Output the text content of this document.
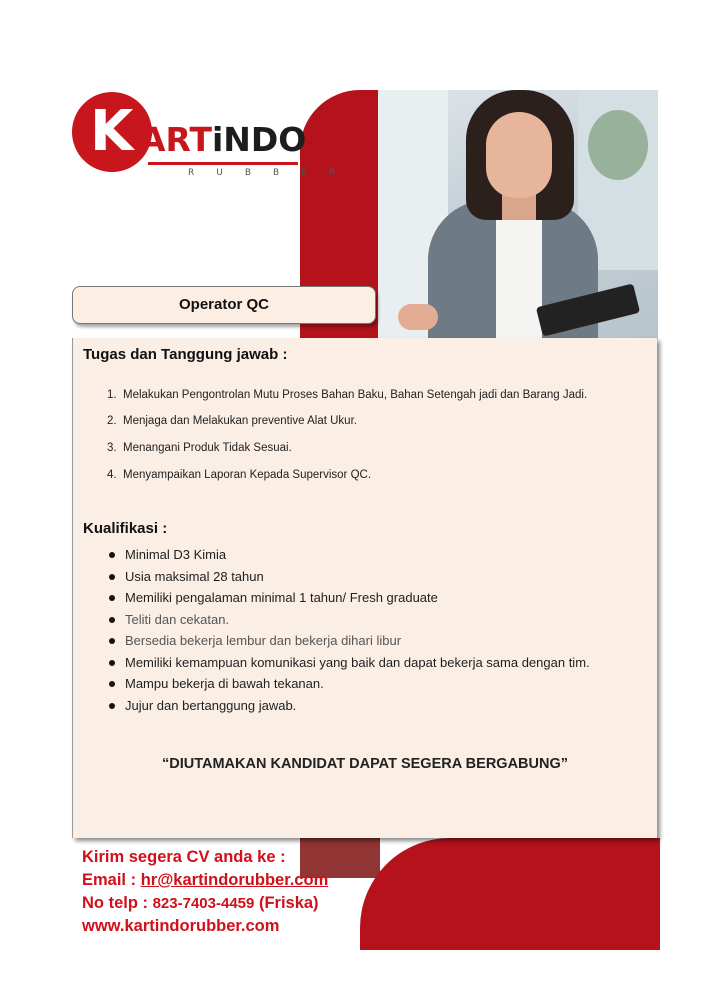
K ARTiNDO
RUBBER
Operator QC
Tugas dan Tanggung jawab :
1. Melakukan Pengontrolan Mutu Proses Bahan Baku, Bahan Setengah jadi dan Barang Jadi.
2. Menjaga dan Melakukan preventive Alat Ukur.
3. Menangani Produk Tidak Sesuai.
4. Menyampaikan Laporan Kepada Supervisor QC.
Kualifikasi :
Minimal D3 Kimia
Usia maksimal 28 tahun
Memiliki pengalaman minimal 1 tahun/ Fresh graduate
Teliti dan cekatan.
Bersedia bekerja lembur dan bekerja dihari libur
Memiliki kemampuan komunikasi yang baik dan dapat bekerja sama dengan tim.
Mampu bekerja di bawah tekanan.
Jujur dan bertanggung jawab.
“DIUTAMAKAN KANDIDAT DAPAT SEGERA BERGABUNG”
Kirim segera CV anda ke :
Email : hr@kartindorubber.com
No telp : 823-7403-4459 (Friska)
www.kartindorubber.com
